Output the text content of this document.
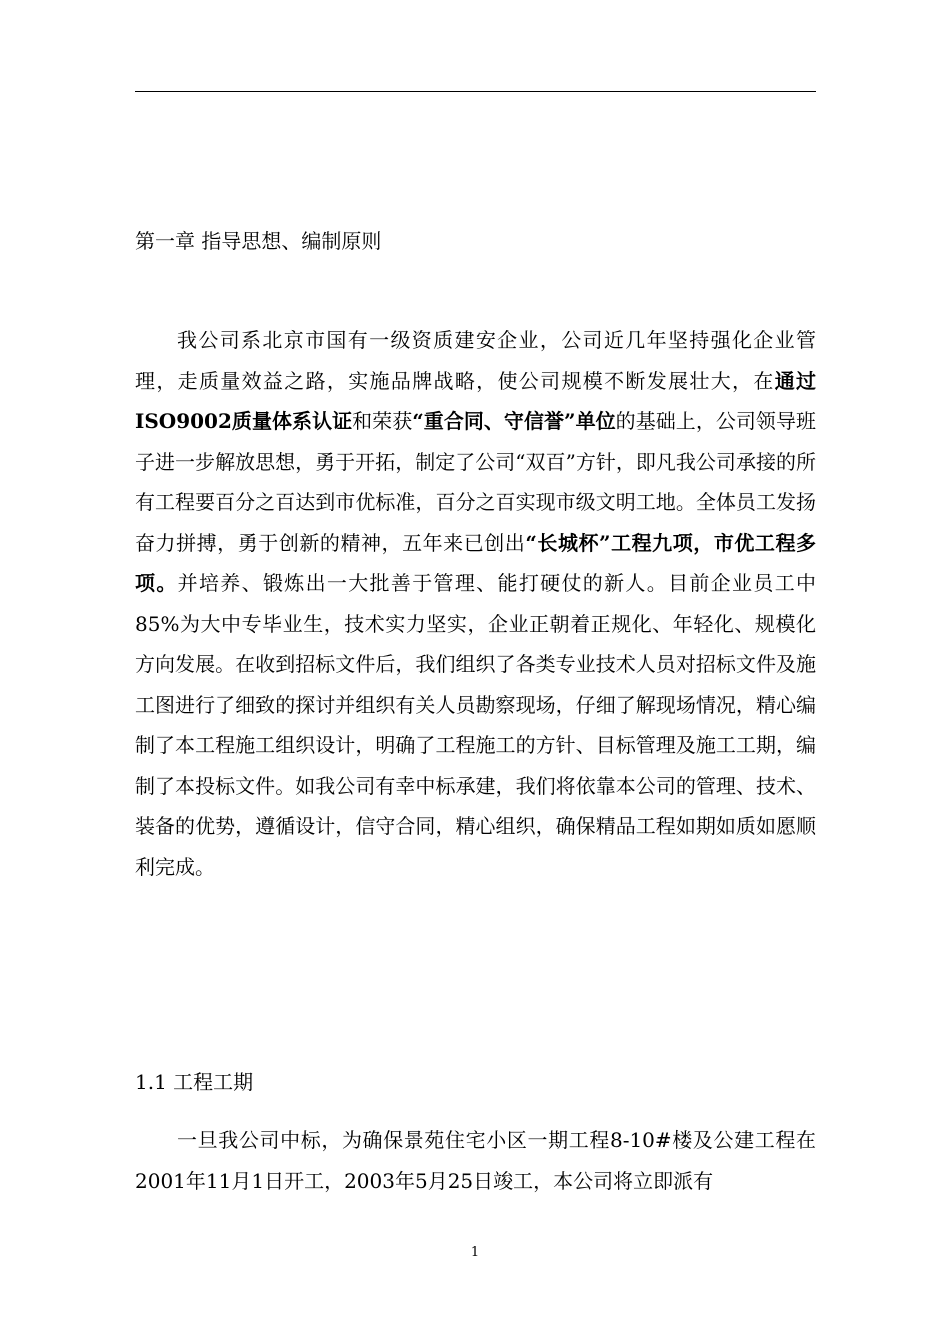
第一章 指导思想、编制原则

我公司系北京市国有一级资质建安企业，公司近几年坚持强化企业管理，走质量效益之路，实施品牌战略，使公司规模不断发展壮大，在通过ISO9002质量体系认证和荣获“重合同、守信誉”单位的基础上，公司领导班子进一步解放思想，勇于开拓，制定了公司“双百”方针，即凡我公司承接的所有工程要百分之百达到市优标准，百分之百实现市级文明工地。全体员工发扬奋力拼搏，勇于创新的精神，五年来已创出“长城杯”工程九项，市优工程多项。并培养、锻炼出一大批善于管理、能打硬仗的新人。目前企业员工中85%为大中专毕业生，技术实力坚实，企业正朝着正规化、年轻化、规模化方向发展。在收到招标文件后，我们组织了各类专业技术人员对招标文件及施工图进行了细致的探讨并组织有关人员勘察现场，仔细了解现场情况，精心编制了本工程施工组织设计，明确了工程施工的方针、目标管理及施工工期，编制了本投标文件。如我公司有幸中标承建，我们将依靠本公司的管理、技术、装备的优势，遵循设计，信守合同，精心组织，确保精品工程如期如质如愿顺利完成。

1.1 工程工期

一旦我公司中标，为确保景苑住宅小区一期工程8-10#楼及公建工程在2001年11月1日开工，2003年5月25日竣工，本公司将立即派有

1
